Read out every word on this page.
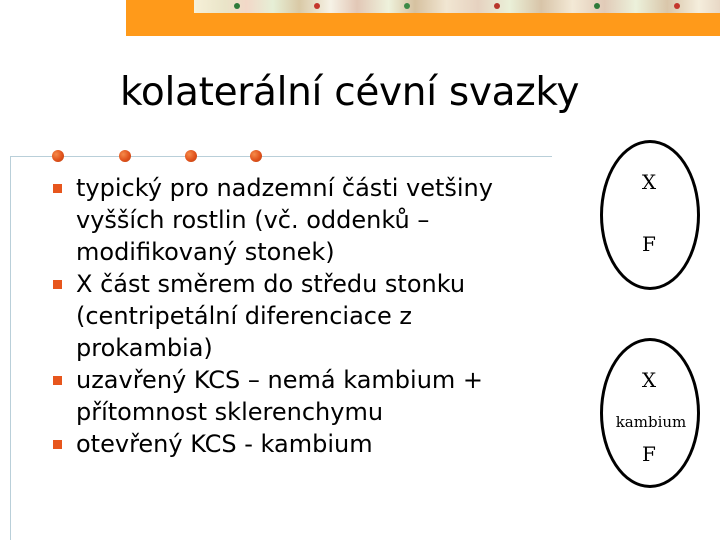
kolaterální cévní svazky
typický pro nadzemní části vetšiny vyšších rostlin (vč. oddenků – modifikovaný stonek)
X část směrem do středu stonku (centripetální diferenciace z prokambia)
uzavřený KCS – nemá kambium + přítomnost sklerenchymu
otevřený KCS - kambium
X
F
X
kambium
F
